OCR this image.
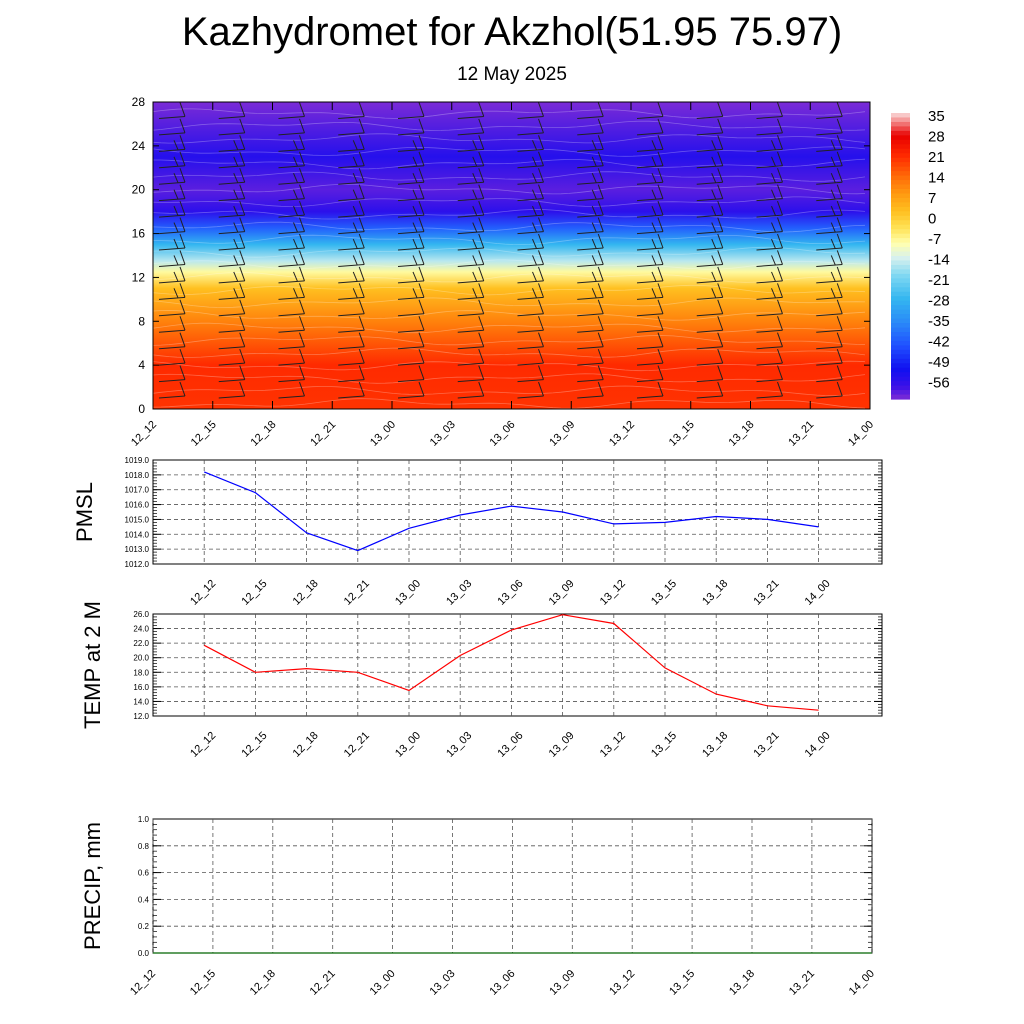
Kazhydromet for Akzhol(51.95 75.97)
12 May 2025
0
4
8
12
16
20
24
28
12_12	12_15	12_18	12_21	13_00	13_03	13_06	13_09	13_12	13_15	13_18	13_21	14_00
35
28
21
14
7
0
-7
-14
-21
-28
-35
-42
-49
-56
1012.0
1013.0
1014.0
1015.0
1016.0
1017.0
1018.0
1019.0
12_12 12_15 12_18 12_21 13_00 13_03 13_06 13_09 13_12 13_15 13_18 13_21 14_00
PMSL
12.0
14.0
16.0
18.0
20.0
22.0
24.0
26.0
12_12 12_15 12_18 12_21 13_00 13_03 13_06 13_09 13_12 13_15 13_18 13_21 14_00
TEMP at 2 M
0.0
0.2
0.4
0.6
0.8
1.0
12_12	12_15	12_18	12_21	13_00	13_03	13_06	13_09	13_12	13_15	13_18	13_21	14_00
PRECIP, mm
